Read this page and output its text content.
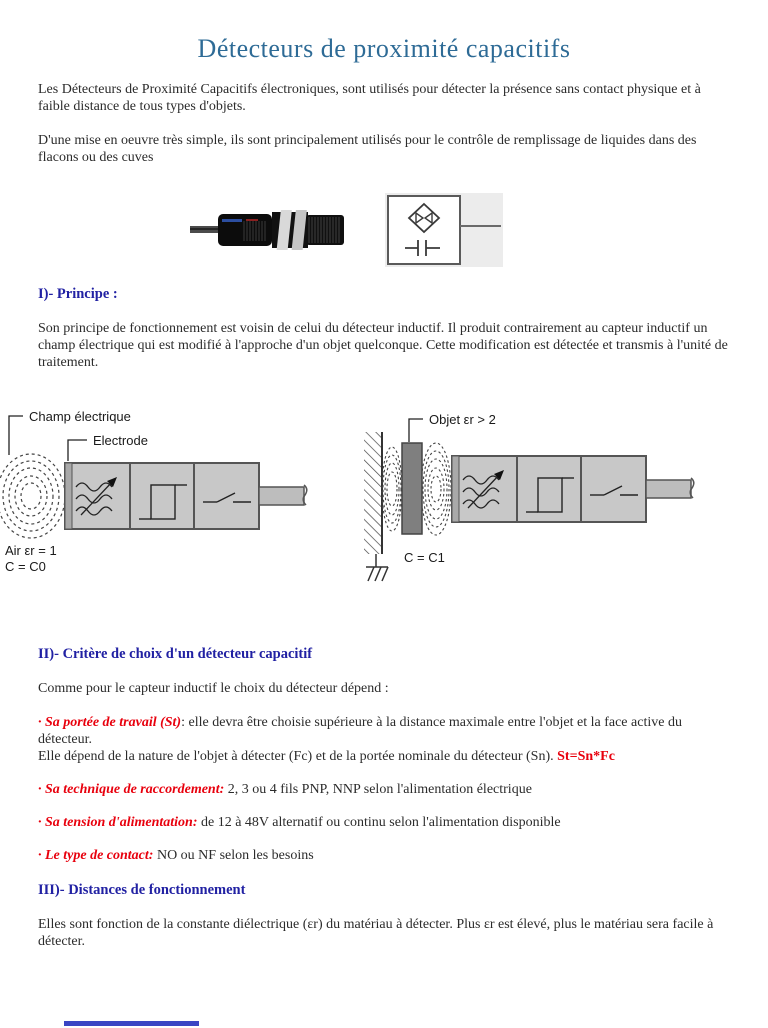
Détecteurs de proximité capacitifs

Les Détecteurs de Proximité Capacitifs électroniques, sont utilisés pour détecter la présence sans contact physique et à faible distance de tous types d'objets.

D'une mise en oeuvre très simple, ils sont principalement utilisés pour le contrôle de remplissage de liquides dans des flacons ou des cuves

I)- Principe :

Son principe de fonctionnement est voisin de celui du détecteur inductif. Il produit contrairement au capteur inductif un champ électrique qui est modifié à l'approche d'un objet quelconque. Cette modification est détectée et transmis à l'unité de traitement.

Champ électrique
Electrode
Air εr = 1
C = C0
Objet εr > 2
C = C1
II)- Critère de choix d'un détecteur capacitif

Comme pour le capteur inductif le choix du détecteur dépend :

· Sa portée de travail (St): elle devra être choisie supérieure à la distance maximale entre l'objet et la face active du détecteur.
Elle dépend de la nature de l'objet à détecter (Fc) et de la portée nominale du détecteur (Sn). St=Sn*Fc

· Sa technique de raccordement: 2, 3 ou 4 fils PNP, NNP selon l'alimentation électrique

· Sa tension d'alimentation: de 12 à 48V alternatif ou continu selon l'alimentation disponible

· Le type de contact: NO ou NF selon les besoins

III)- Distances de fonctionnement

Elles sont fonction de la constante diélectrique (εr) du matériau à détecter. Plus εr est élevé, plus le matériau sera facile à détecter.
